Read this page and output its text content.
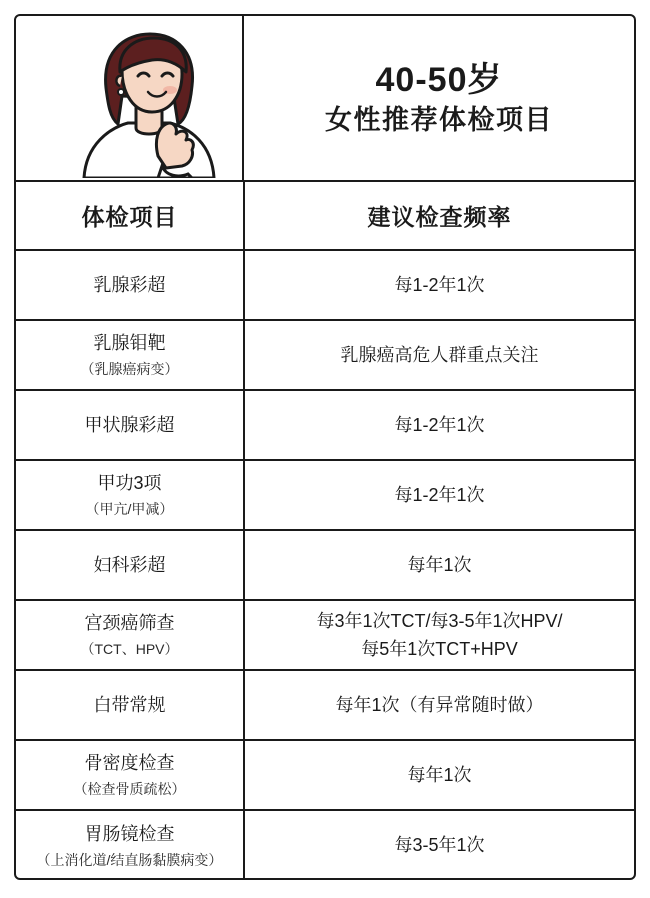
40-50岁
女性推荐体检项目
体检项目	建议检查频率

乳腺彩超	每1-2年1次

乳腺钼靶
（乳腺癌病变）	乳腺癌高危人群重点关注

甲状腺彩超	每1-2年1次

甲功3项
（甲亢/甲减）	每1-2年1次

妇科彩超	每年1次

宫颈癌筛查
（TCT、HPV）	每3年1次TCT/每3-5年1次HPV/
每5年1次TCT+HPV

白带常规	每年1次（有异常随时做）

骨密度检查
（检查骨质疏松）	每年1次

胃肠镜检查
（上消化道/结直肠黏膜病变）	每3-5年1次
